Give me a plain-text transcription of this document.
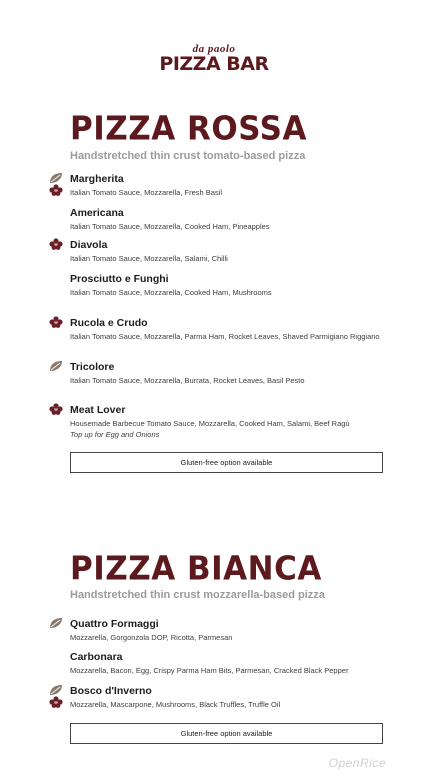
da paolo
PIZZA BAR
PIZZA ROSSA
Handstretched thin crust tomato-based pizza
Margherita
Italian Tomato Sauce, Mozzarella, Fresh Basil
Americana
Italian Tomato Sauce, Mozzarella, Cooked Ham, Pineapples
Diavola
Italian Tomato Sauce, Mozzarella, Salami, Chilli
Prosciutto e Funghi
Italian Tomato Sauce, Mozzarella, Cooked Ham, Mushrooms
Rucola e Crudo
Italian Tomato Sauce, Mozzarella, Parma Ham, Rocket Leaves, Shaved Parmigiano Riggiano
Tricolore
Italian Tomato Sauce, Mozzarella, Burrata, Rocket Leaves, Basil Pesto
Meat Lover
Housemade Barbecue Tomato Sauce, Mozzarella, Cooked Ham, Salami, Beef Ragù
Top up for Egg and Onions
Gluten-free option available
PIZZA BIANCA
Handstretched thin crust mozzarella-based pizza
Quattro Formaggi
Mozzarella, Gorgonzola DOP, Ricotta, Parmesan
Carbonara
Mozzarella, Bacon, Egg, Crispy Parma Ham Bits, Parmesan, Cracked Black Pepper
Bosco d'Inverno
Mozzarella, Mascarpone, Mushrooms, Black Truffles, Truffle Oil
Gluten-free option available
OpenRice
